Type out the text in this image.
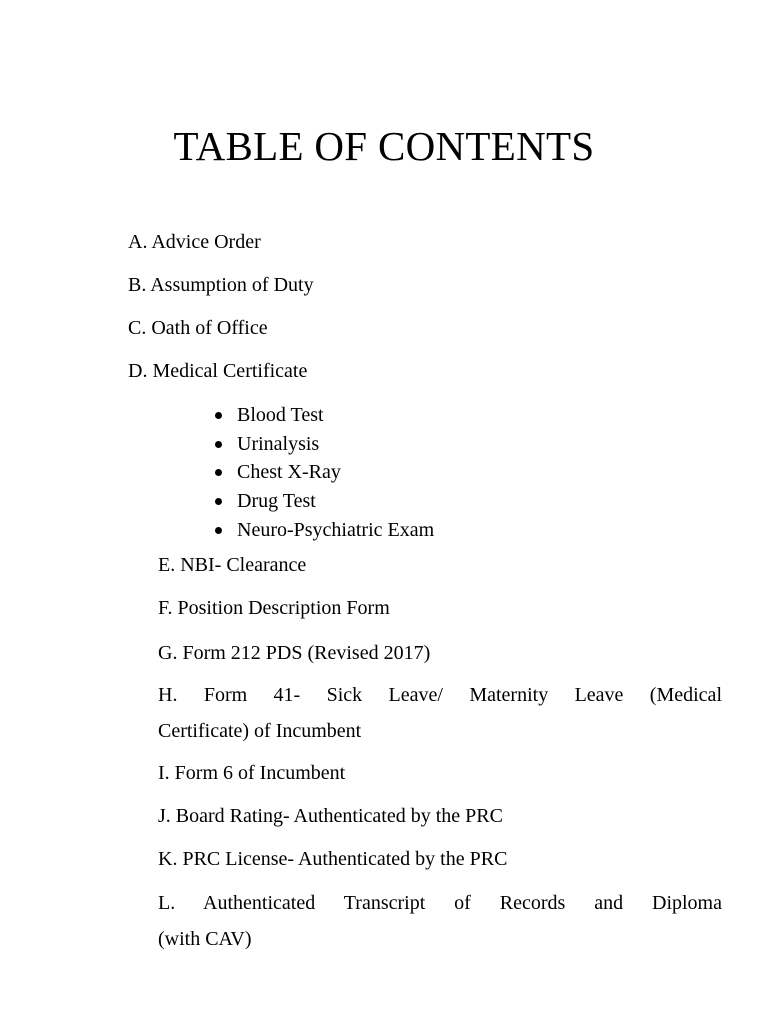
TABLE OF CONTENTS
A. Advice Order
B. Assumption of Duty
C. Oath of Office
D. Medical Certificate
Blood Test
Urinalysis
Chest X-Ray
Drug Test
Neuro-Psychiatric Exam
E. NBI- Clearance
F. Position Description Form
G. Form 212 PDS (Revised 2017)
H. Form 41- Sick Leave/ Maternity Leave (Medical
Certificate) of Incumbent
I. Form 6 of Incumbent
J. Board Rating- Authenticated by the PRC
K. PRC License- Authenticated by the PRC
L. Authenticated Transcript of Records and Diploma
(with CAV)
